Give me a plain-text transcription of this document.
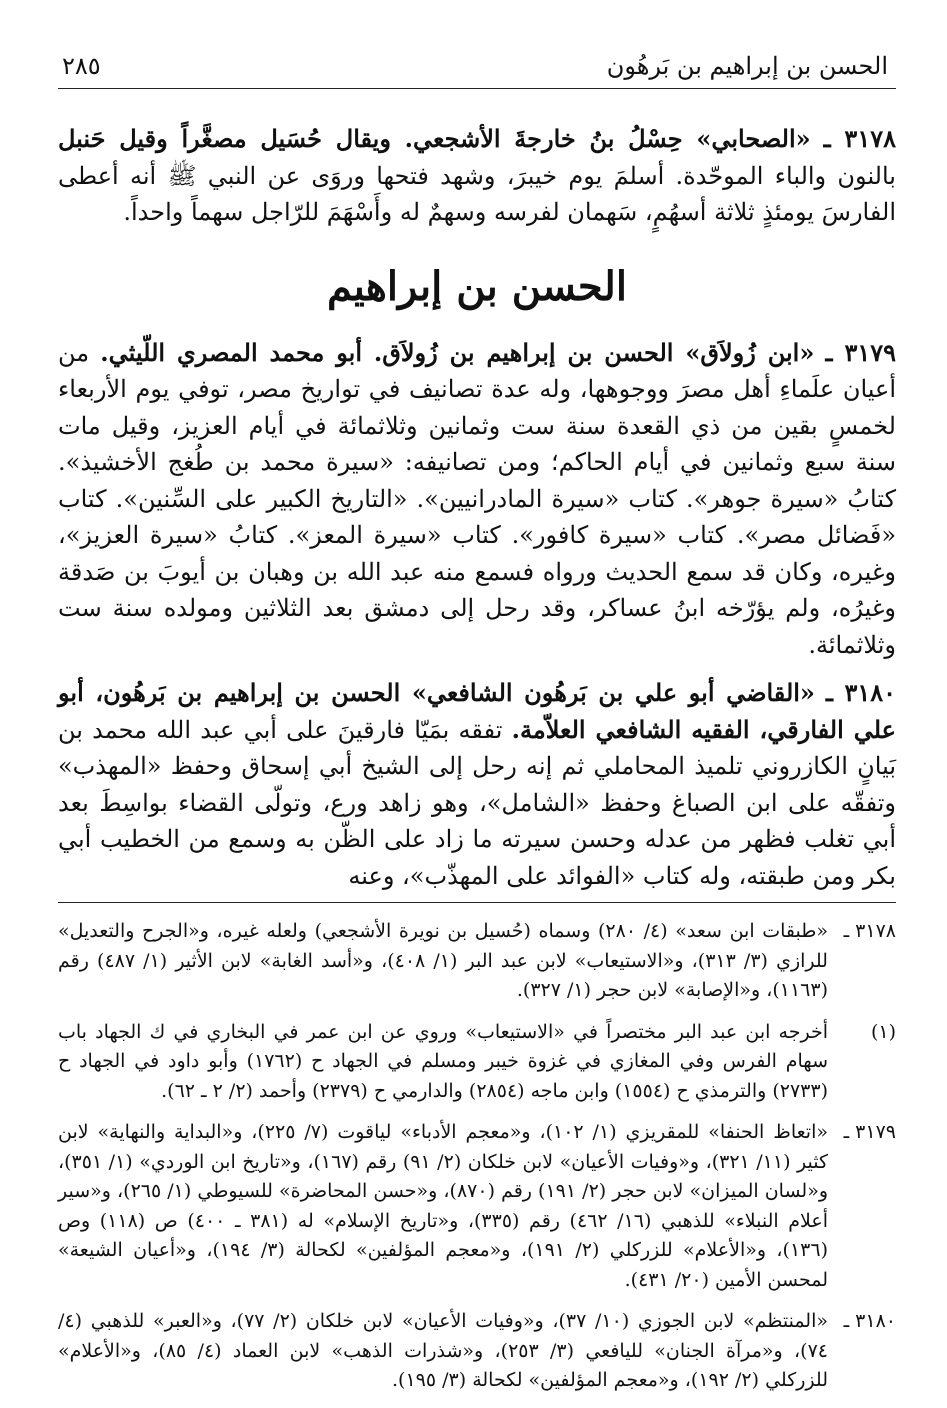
الحسن بن إبراهيم بن بَرهُون
٢٨٥

٣١٧٨ ـ «الصحابي» حِسْلُ بنُ خارجةَ الأشجعي. ويقال حُسَيل مصغَّراً وقيل حَنبل بالنون والباء الموحّدة. أسلمَ يوم خيبرَ، وشهد فتحها وروَى عن النبي ﷺ أنه أعطى الفارسَ يومئذٍ ثلاثة أسهُمٍ، سَهمان لفرسه وسهمٌ له وأَسْهَمَ للرّاجل سهماً واحداً.

الحسن بن إبراهيم

٣١٧٩ ـ «ابن زُولاَق» الحسن بن إبراهيم بن زُولاَق. أبو محمد المصري اللّيثي. من أعيان علَماءِ أهل مصرَ ووجوهها، وله عدة تصانيف في تواريخ مصر، توفي يوم الأربعاء لخمسٍ بقين من ذي القعدة سنة ست وثمانين وثلاثمائة في أيام العزيز، وقيل مات سنة سبع وثمانين في أيام الحاكم؛ ومن تصانيفه: «سيرة محمد بن طُغج الأخشيذ». كتابُ «سيرة جوهر». كتاب «سيرة المادرانيين». «التاريخ الكبير على السِّنين». كتاب «فَضائل مصر». كتاب «سيرة كافور». كتاب «سيرة المعز». كتابُ «سيرة العزيز»، وغيره، وكان قد سمع الحديث ورواه فسمع منه عبد الله بن وهبان بن أيوبَ بن صَدقة وغيرُه، ولم يؤرّخه ابنُ عساكر، وقد رحل إلى دمشق بعد الثلاثين ومولده سنة ست وثلاثمائة.

٣١٨٠ ـ «القاضي أبو علي بن بَرهُون الشافعي» الحسن بن إبراهيم بن بَرهُون، أبو علي الفارقي، الفقيه الشافعي العلاّمة. تفقه بمَيّا فارقينَ على أبي عبد الله محمد بن بَيانٍ الكازروني تلميذ المحاملي ثم إنه رحل إلى الشيخ أبي إسحاق وحفظ «المهذب» وتفقّه على ابن الصباغ وحفظ «الشامل»، وهو زاهد ورع، وتولّى القضاء بواسِطَ بعد أبي تغلب فظهر من عدله وحسن سيرته ما زاد على الظّن به وسمع من الخطيب أبي بكر ومن طبقته، وله كتاب «الفوائد على المهذّب»، وعنه

٣١٧٨ ـ
«طبقات ابن سعد» (٤/ ٢٨٠) وسماه (حُسيل بن نويرة الأشجعي) ولعله غيره، و«الجرح والتعديل» للرازي (٣/ ٣١٣)، و«الاستيعاب» لابن عبد البر (١/ ٤٠٨)، و«أسد الغابة» لابن الأثير (١/ ٤٨٧) رقم (١١٦٣)، و«الإصابة» لابن حجر (١/ ٣٢٧).
(١)
أخرجه ابن عبد البر مختصراً في «الاستيعاب» وروي عن ابن عمر في البخاري في ك الجهاد باب سهام الفرس وفي المغازي في غزوة خيبر ومسلم في الجهاد ح (١٧٦٢) وأبو داود في الجهاد ح (٢٧٣٣) والترمذي ح (١٥٥٤) وابن ماجه (٢٨٥٤) والدارمي ح (٢٣٧٩) وأحمد (٢/ ٢ ـ ٦٢).
٣١٧٩ ـ
«اتعاظ الحنفا» للمقريزي (١/ ١٠٢)، و«معجم الأدباء» لياقوت (٧/ ٢٢٥)، و«البداية والنهاية» لابن كثير (١١/ ٣٢١)، و«وفيات الأعيان» لابن خلكان (٢/ ٩١) رقم (١٦٧)، و«تاريخ ابن الوردي» (١/ ٣٥١)، و«لسان الميزان» لابن حجر (٢/ ١٩١) رقم (٨٧٠)، و«حسن المحاضرة» للسيوطي (١/ ٢٦٥)، و«سير أعلام النبلاء» للذهبي (١٦/ ٤٦٢) رقم (٣٣٥)، و«تاريخ الإسلام» له (٣٨١ ـ ٤٠٠) ص (١١٨) وص (١٣٦)، و«الأعلام» للزركلي (٢/ ١٩١)، و«معجم المؤلفين» لكحالة (٣/ ١٩٤)، و«أعيان الشيعة» لمحسن الأمين (٢٠/ ٤٣١).
٣١٨٠ ـ
«المنتظم» لابن الجوزي (١٠/ ٣٧)، و«وفيات الأعيان» لابن خلكان (٢/ ٧٧)، و«العبر» للذهبي (٤/ ٧٤)، و«مرآة الجنان» لليافعي (٣/ ٢٥٣)، و«شذرات الذهب» لابن العماد (٤/ ٨٥)، و«الأعلام» للزركلي (٢/ ١٩٢)، و«معجم المؤلفين» لكحالة (٣/ ١٩٥).
